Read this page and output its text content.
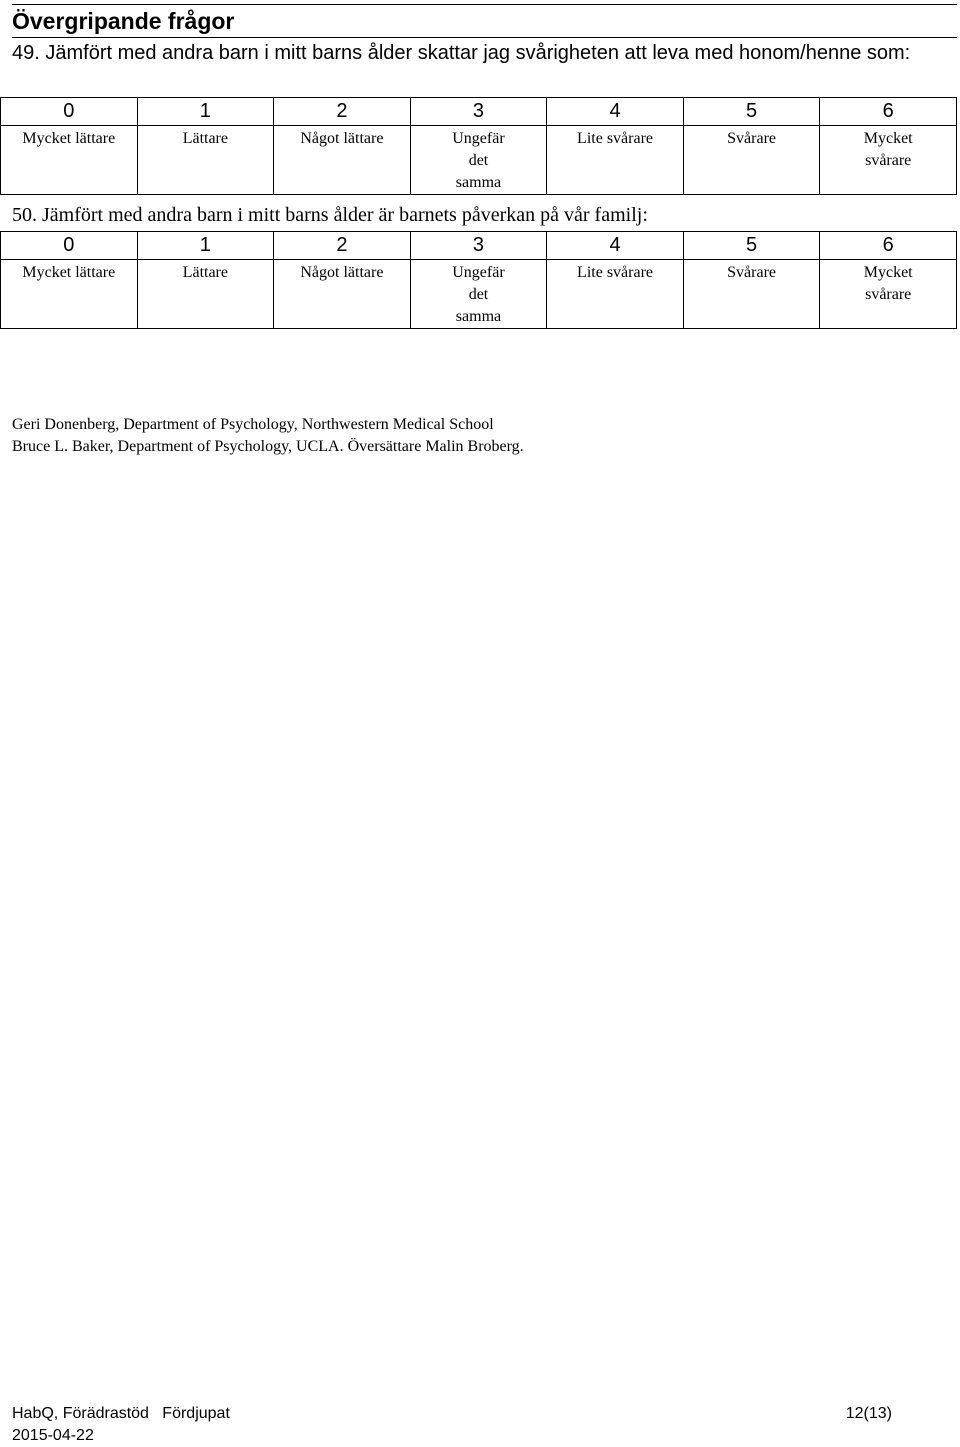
Övergripande frågor
49. Jämfört med andra barn i mitt barns ålder skattar jag svårigheten att leva med honom/henne som:
0	1	2	3	4	5	6
Mycket lättare	Lättare	Något lättare	Ungefär det samma	Lite svårare	Svårare	Mycket svårare
50. Jämfört med andra barn i mitt barns ålder är barnets påverkan på vår familj:
0	1	2	3	4	5	6
Mycket lättare	Lättare	Något lättare	Ungefär det samma	Lite svårare	Svårare	Mycket svårare
Geri Donenberg, Department of Psychology, Northwestern Medical School
Bruce L. Baker, Department of Psychology, UCLA. Översättare Malin Broberg.
HabQ, Förädrastöd   Fördjupat	12(13)
2015-04-22
